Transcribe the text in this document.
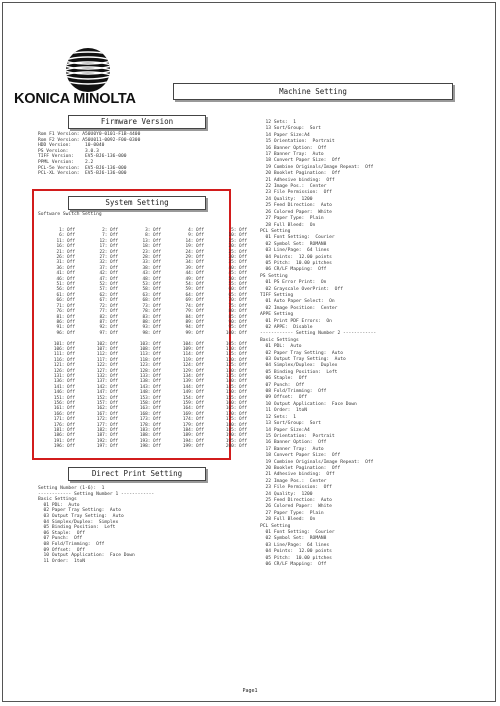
KONICA MINOLTA	Machine Setting
Firmware Version
Rom F1 Version: A50U0Y0-0101-F1B-4400
Rom F2 Version: A50U011-0092-F00-0300
HDD Version:     10-0040
PS Version:      3.0.3
TIFF Version:    EV5-BJ6-136-000
PPML Version:    2.2
PCL-5e Version:  EV5-BJ6-136-000
PCL-XL Version:  EV5-BJ6-136-000
System Setting
Software Switch Setting
1: Off	2: Off	3: Off	4: Off	5: Off
6: Off	7: Off	8: Off	9: Off	10: Off
11: Off	12: Off	13: Off	14: Off	15: Off
16: Off	17: Off	18: Off	19: Off	20: Off
21: Off	22: Off	23: Off	24: Off	25: Off
26: Off	27: Off	28: Off	29: Off	30: Off
31: Off	32: Off	33: Off	34: Off	35: Off
36: Off	37: Off	38: Off	39: Off	40: Off
41: Off	42: Off	43: Off	44: Off	45: Off
46: Off	47: Off	48: Off	49: Off	50: Off
51: Off	52: Off	53: Off	54: Off	55: Off
56: Off	57: Off	58: Off	59: Off	60: Off
61: Off	62: Off	63: Off	64: Off	65: Off
66: Off	67: Off	68: Off	69: Off	70: Off
71: Off	72: Off	73: Off	74: Off	75: Off
76: Off	77: Off	78: Off	79: Off	80: Off
81: Off	82: Off	83: Off	84: Off	85: Off
86: Off	87: Off	88: Off	89: Off	90: Off
91: Off	92: Off	93: Off	94: Off	95: Off
96: Off	97: Off	98: Off	99: Off	100: Off
101: Off	102: Off	103: Off	104: Off	105: Off
106: Off	107: Off	108: Off	109: Off	110: Off
111: Off	112: Off	113: Off	114: Off	115: Off
116: Off	117: Off	118: Off	119: Off	120: Off
121: Off	122: Off	123: Off	124: Off	125: Off
126: Off	127: Off	128: Off	129: Off	130: Off
131: Off	132: Off	133: Off	134: Off	135: Off
136: Off	137: Off	138: Off	139: Off	140: Off
141: Off	142: Off	143: Off	144: Off	145: Off
146: Off	147: Off	148: Off	149: Off	150: Off
151: Off	152: Off	153: Off	154: Off	155: Off
156: Off	157: Off	158: Off	159: Off	160: Off
161: Off	162: Off	163: Off	164: Off	165: Off
166: Off	167: Off	168: Off	169: Off	170: Off
171: Off	172: Off	173: Off	174: Off	175: Off
176: Off	177: Off	178: Off	179: Off	180: Off
181: Off	182: Off	183: Off	184: Off	185: Off
186: Off	187: Off	188: Off	189: Off	190: Off
191: Off	192: Off	193: Off	194: Off	195: Off
196: Off	197: Off	198: Off	199: Off	200: Off
Direct Print Setting
Setting Number (1-6):  1
------------ Setting Number 1 ------------
Basic Settings
01 PDL:  Auto
02 Paper Tray Setting:  Auto
03 Output Tray Setting:  Auto
04 Simplex/Duplex:  Simplex
05 Binding Position:  Left
06 Staple:  Off
07 Punch:  Off
08 Fold/Trimming:  Off
09 Offset:  Off
10 Output Application:  Face Down
11 Order:  1toN
12 Sets:  1
13 Sort/Group:  Sort
14 Paper Size:A4
15 Orientation:  Portrait
16 Banner Option:  Off
17 Banner Tray:  Auto
18 Convert Paper Size:  Off
19 Combine Originals/Image Repeat:  Off
20 Booklet Pagination:  Off
21 Adhesive binding:  Off
22 Image Pos.:  Center
23 File Permission:  Off
24 Quality:  1200
25 Feed Direction:  Auto
26 Colored Paper:  White
27 Paper Type:  Plain
28 Full Bleed:  On
PCL Setting
01 Font Setting:  Courier
02 Symbol Set:  ROMAN8
03 Line/Page:  64 lines
04 Points:  12.00 points
05 Pitch:  10.00 pitches
06 CR/LF Mapping:  Off
PS Setting
01 PS Error Print:  On
02 Grayscale OverPrint:  Off
TIFF Setting
01 Auto Paper Select:  On
02 Image Position:  Center
APPE Setting
01 Print PDF Errors:  On
02 APPE:  Disable
------------ Setting Number 2 ------------
Basic Settings
01 PDL:  Auto
02 Paper Tray Setting:  Auto
03 Output Tray Setting:  Auto
04 Simplex/Duplex:  Duplex
05 Binding Position:  Left
06 Staple:  Off
07 Punch:  Off
08 Fold/Trimming:  Off
09 Offset:  Off
10 Output Application:  Face Down
11 Order:  1toN
12 Sets:  1
13 Sort/Group:  Sort
14 Paper Size:A4
15 Orientation:  Portrait
16 Banner Option:  Off
17 Banner Tray:  Auto
18 Convert Paper Size:  Off
19 Combine Originals/Image Repeat:  Off
20 Booklet Pagination:  Off
21 Adhesive binding:  Off
22 Image Pos.:  Center
23 File Permission:  Off
24 Quality:  1200
25 Feed Direction:  Auto
26 Colored Paper:  White
27 Paper Type:  Plain
28 Full Bleed:  On
PCL Setting
01 Font Setting:  Courier
02 Symbol Set:  ROMAN8
03 Line/Page:  64 lines
04 Points:  12.00 points
05 Pitch:  10.00 pitches
06 CR/LF Mapping:  Off
Page1
